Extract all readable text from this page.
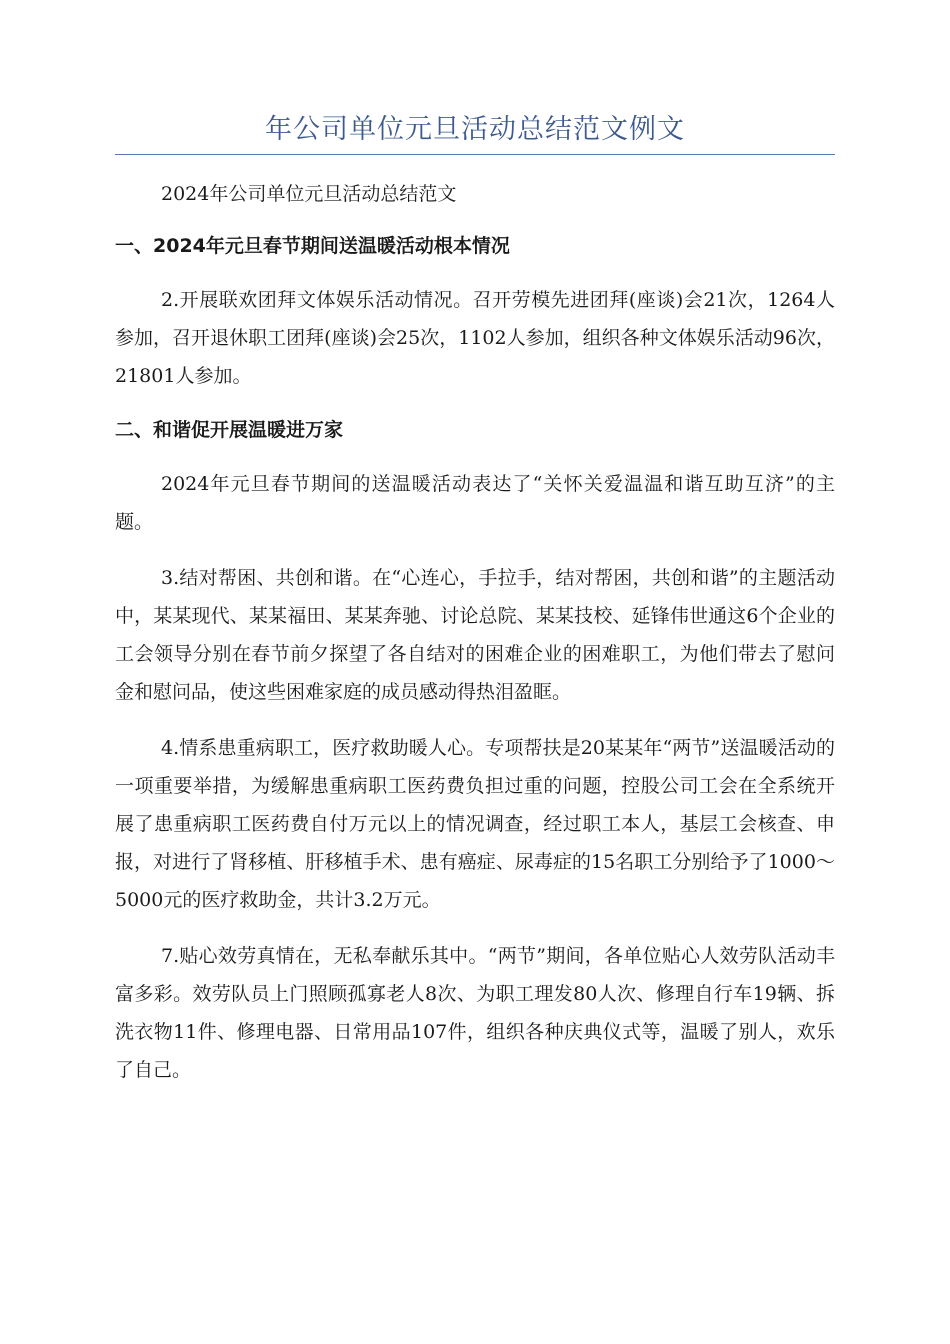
年公司单位元旦活动总结范文例文

2024年公司单位元旦活动总结范文

一、2024年元旦春节期间送温暖活动根本情况

2.开展联欢团拜文体娱乐活动情况。召开劳模先进团拜(座谈)会21次，1264人参加，召开退休职工团拜(座谈)会25次，1102人参加，组织各种文体娱乐活动96次，21801人参加。

二、和谐促开展温暖进万家

2024年元旦春节期间的送温暖活动表达了“关怀关爱温温和谐互助互济”的主题。

3.结对帮困、共创和谐。在“心连心，手拉手，结对帮困，共创和谐”的主题活动中，某某现代、某某福田、某某奔驰、讨论总院、某某技校、延锋伟世通这6个企业的工会领导分别在春节前夕探望了各自结对的困难企业的困难职工，为他们带去了慰问金和慰问品，使这些困难家庭的成员感动得热泪盈眶。

4.情系患重病职工，医疗救助暖人心。专项帮扶是20某某年“两节”送温暖活动的一项重要举措，为缓解患重病职工医药费负担过重的问题，控股公司工会在全系统开展了患重病职工医药费自付万元以上的情况调查，经过职工本人，基层工会核查、申报，对进行了肾移植、肝移植手术、患有癌症、尿毒症的15名职工分别给予了1000～5000元的医疗救助金，共计3.2万元。

7.贴心效劳真情在，无私奉献乐其中。“两节”期间，各单位贴心人效劳队活动丰富多彩。效劳队员上门照顾孤寡老人8次、为职工理发80人次、修理自行车19辆、拆洗衣物11件、修理电器、日常用品107件，组织各种庆典仪式等，温暖了别人，欢乐了自己。
